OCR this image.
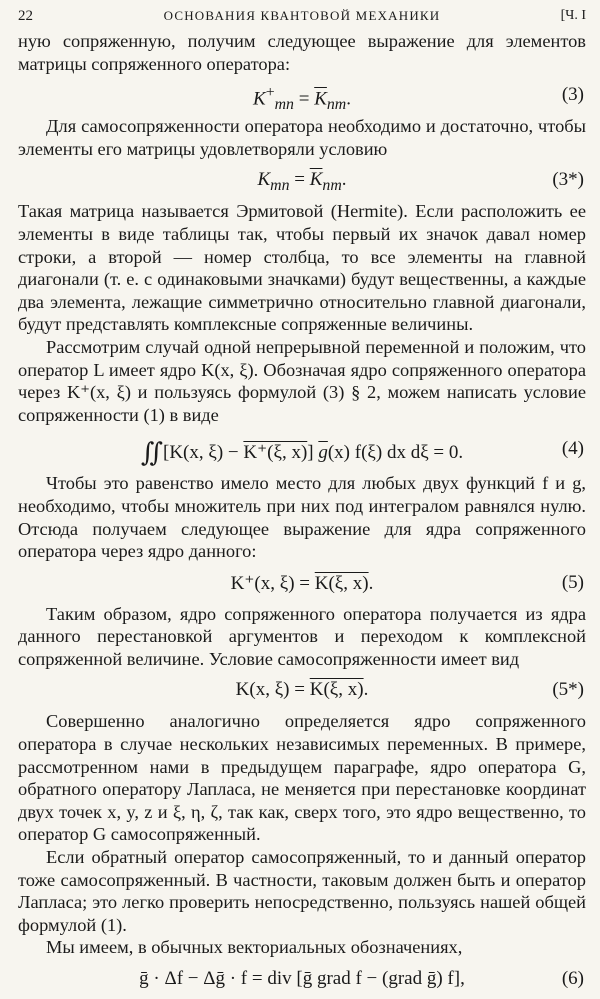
22	ОСНОВАНИЯ КВАНТОВОЙ МЕХАНИКИ	[Ч. I

ную сопряженную, получим следующее выражение для элементов матрицы сопряженного оператора:

$K^+_{mn} = \overline{K}_{nm}$.	(3)

Для самосопряженности оператора необходимо и достаточно, чтобы элементы его матрицы удовлетворяли условию

$K_{mn} = \overline{K}_{nm}$.	(3*)

Такая матрица называется Эрмитовой (Hermite). Если расположить ее элементы в виде таблицы так, чтобы первый их значок давал номер строки, а второй — номер столбца, то все элементы на главной диагонали (т. е. с одинаковыми значками) будут вещественны, а каждые два элемента, лежащие симметрично относительно главной диагонали, будут представлять комплексные сопряженные величины.

Рассмотрим случай одной непрерывной переменной и положим, что оператор L имеет ядро K(x, ξ). Обозначая ядро сопряженного оператора через K⁺(x, ξ) и пользуясь формулой (3) § 2, можем написать условие сопряженности (1) в виде

∬[K(x, ξ) − K⁺(ξ, x)] $\overline{g}(x)$ f(ξ) dx dξ = 0.	(4)

Чтобы это равенство имело место для любых двух функций f и g, необходимо, чтобы множитель при них под интегралом равнялся нулю. Отсюда получаем следующее выражение для ядра сопряженного оператора через ядро данного:

K⁺(x, ξ) = K(ξ, x).	(5)

Таким образом, ядро сопряженного оператора получается из ядра данного перестановкой аргументов и переходом к комплексной сопряженной величине. Условие самосопряженности имеет вид

K(x, ξ) = K(ξ, x).	(5*)

Совершенно аналогично определяется ядро сопряженного оператора в случае нескольких независимых переменных. В примере, рассмотренном нами в предыдущем параграфе, ядро оператора G, обратного оператору Лапласа, не меняется при перестановке координат двух точек x, y, z и ξ, η, ζ, так как, сверх того, это ядро вещественно, то оператор G самосопряженный.

Если обратный оператор самосопряженный, то и данный оператор тоже самосопряженный. В частности, таковым должен быть и оператор Лапласа; это легко проверить непосредственно, пользуясь нашей общей формулой (1).

Мы имеем, в обычных векториальных обозначениях,

ḡ · Δf − Δḡ · f = div [ḡ grad f − (grad ḡ) f],	(6)
